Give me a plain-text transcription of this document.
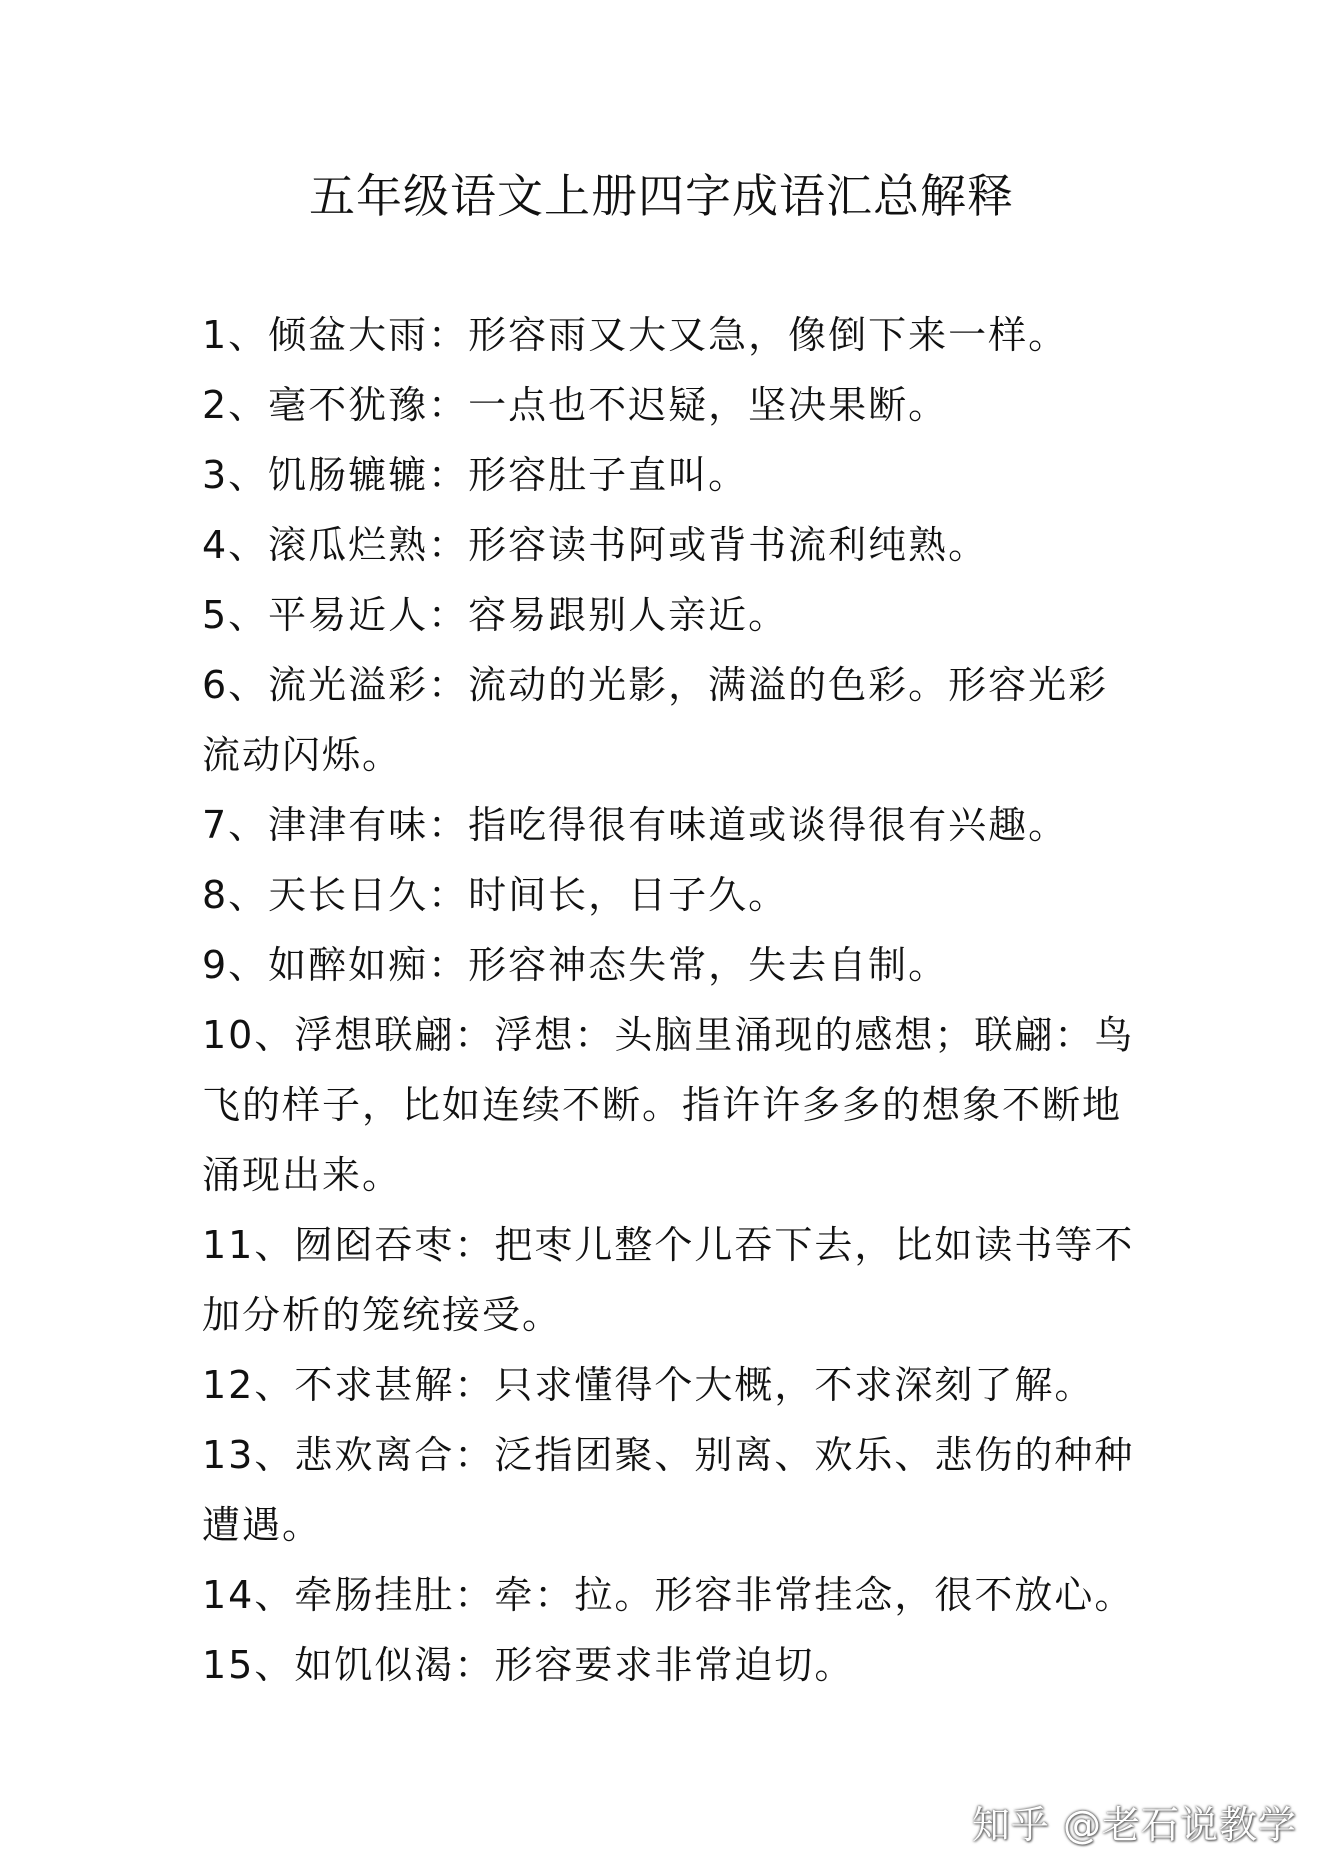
五年级语文上册四字成语汇总解释
1、倾盆大雨：形容雨又大又急，像倒下来一样。
2、毫不犹豫：一点也不迟疑，坚决果断。
3、饥肠辘辘：形容肚子直叫。
4、滚瓜烂熟：形容读书阿或背书流利纯熟。
5、平易近人：容易跟别人亲近。
6、流光溢彩：流动的光影，满溢的色彩。形容光彩流动闪烁。
7、津津有味：指吃得很有味道或谈得很有兴趣。
8、天长日久：时间长，日子久。
9、如醉如痴：形容神态失常，失去自制。
10、浮想联翩：浮想：头脑里涌现的感想；联翩：鸟飞的样子，比如连续不断。指许许多多的想象不断地涌现出来。
11、囫囵吞枣：把枣儿整个儿吞下去，比如读书等不加分析的笼统接受。
12、不求甚解：只求懂得个大概，不求深刻了解。
13、悲欢离合：泛指团聚、别离、欢乐、悲伤的种种遭遇。
14、牵肠挂肚：牵：拉。形容非常挂念，很不放心。
15、如饥似渴：形容要求非常迫切。
知乎 @老石说教学
